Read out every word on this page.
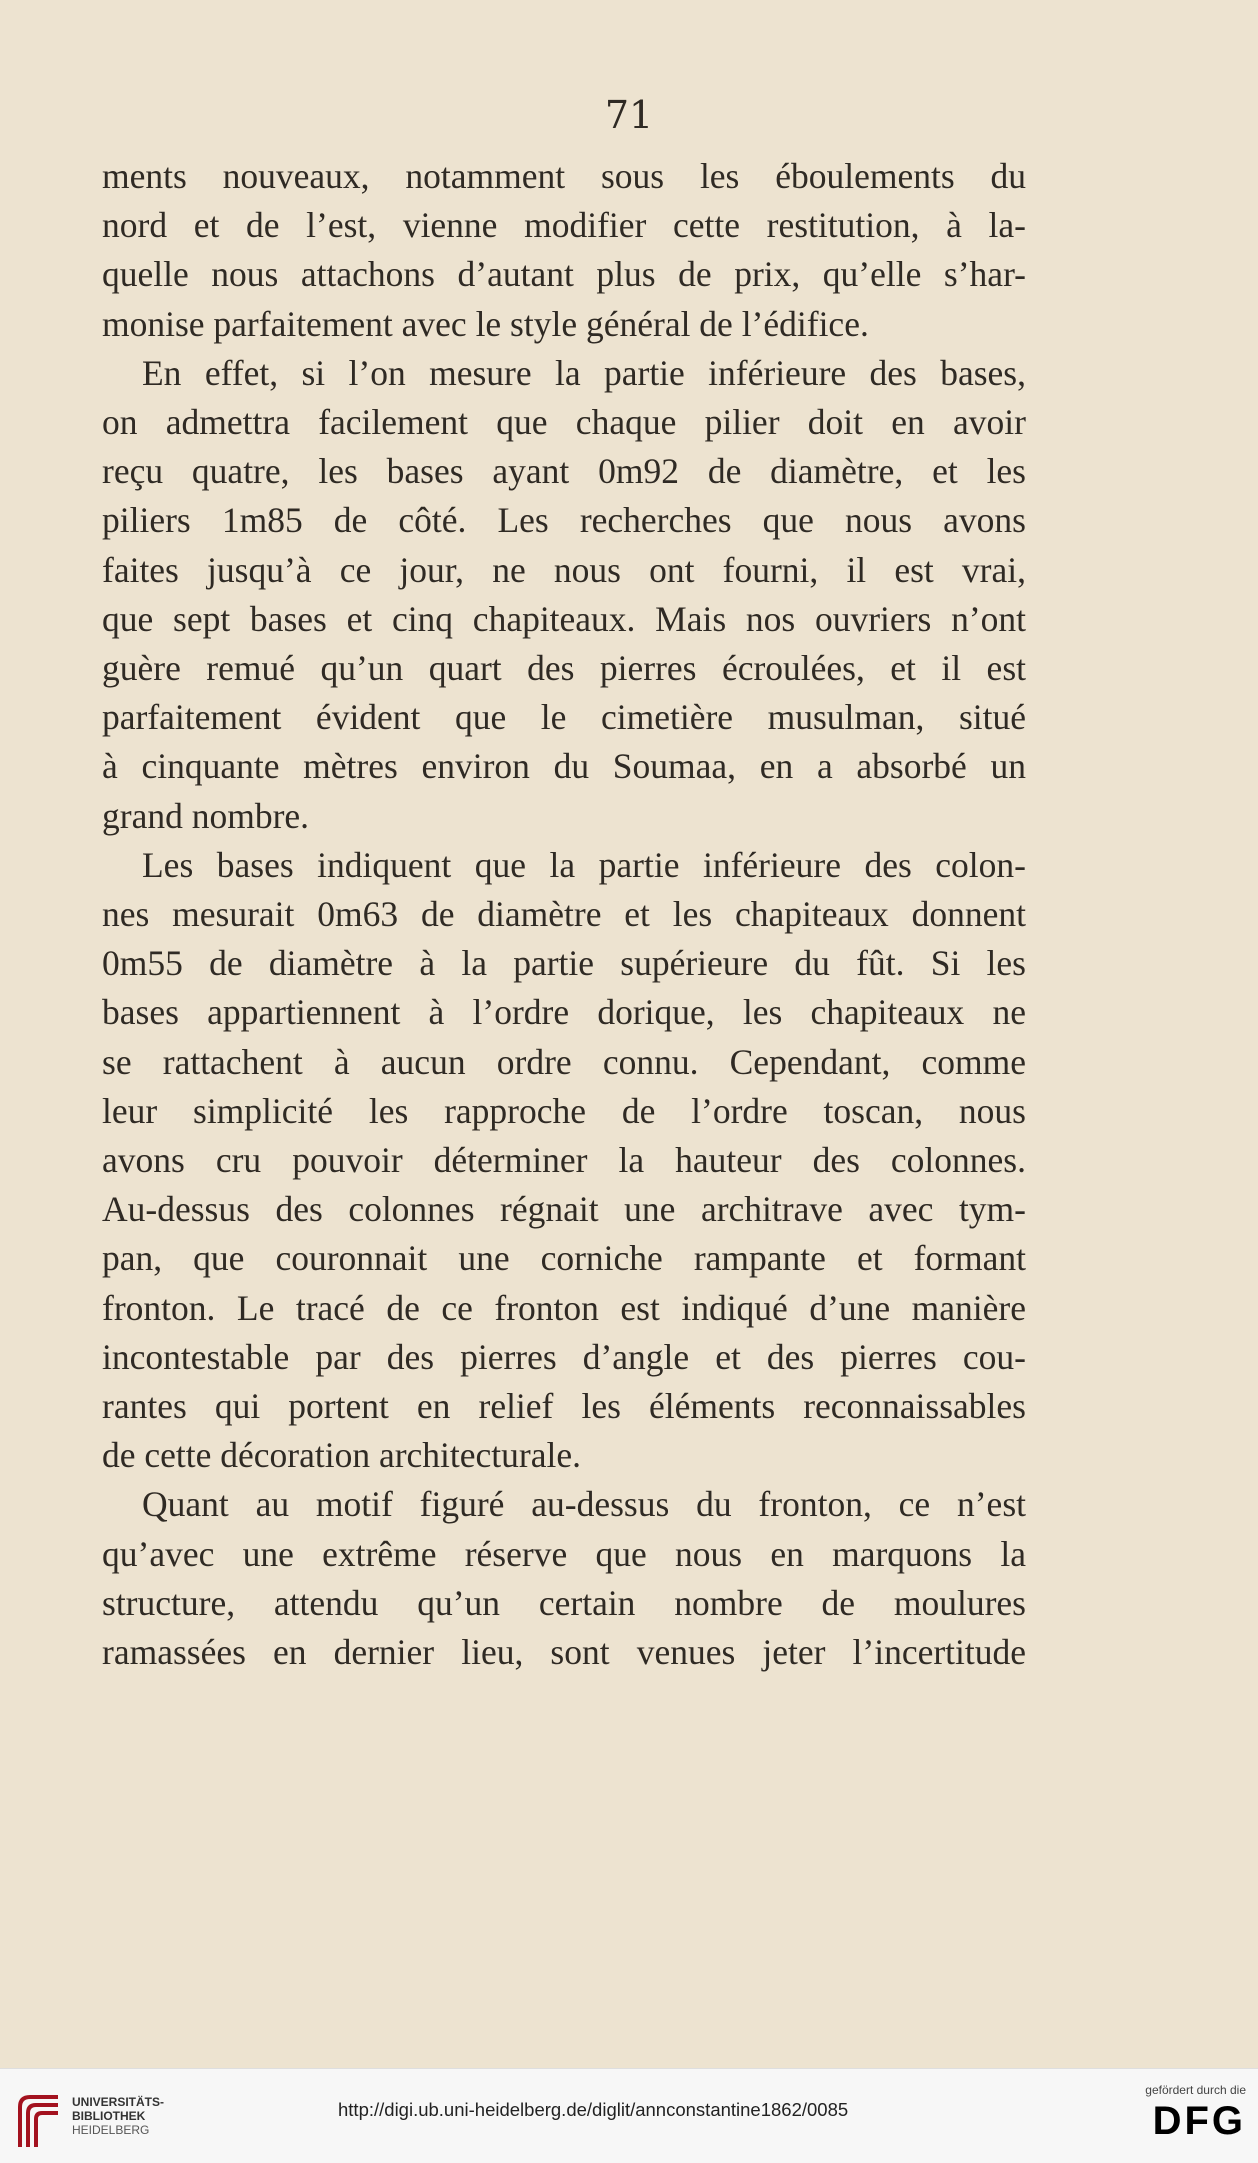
71
ments nouveaux, notamment sous les éboulements du
nord et de l’est, vienne modifier cette restitution, à la-
quelle nous attachons d’autant plus de prix, qu’elle s’har-
monise parfaitement avec le style général de l’édifice.
En effet, si l’on mesure la partie inférieure des bases,
on admettra facilement que chaque pilier doit en avoir
reçu quatre, les bases ayant 0m92 de diamètre, et les
piliers 1m85 de côté. Les recherches que nous avons
faites jusqu’à ce jour, ne nous ont fourni, il est vrai,
que sept bases et cinq chapiteaux. Mais nos ouvriers n’ont
guère remué qu’un quart des pierres écroulées, et il est
parfaitement évident que le cimetière musulman, situé
à cinquante mètres environ du Soumaa, en a absorbé un
grand nombre.
Les bases indiquent que la partie inférieure des colon-
nes mesurait 0m63 de diamètre et les chapiteaux donnent
0m55 de diamètre à la partie supérieure du fût. Si les
bases appartiennent à l’ordre dorique, les chapiteaux ne
se rattachent à aucun ordre connu. Cependant, comme
leur simplicité les rapproche de l’ordre toscan, nous
avons cru pouvoir déterminer la hauteur des colonnes.
Au-dessus des colonnes régnait une architrave avec tym-
pan, que couronnait une corniche rampante et formant
fronton. Le tracé de ce fronton est indiqué d’une manière
incontestable par des pierres d’angle et des pierres cou-
rantes qui portent en relief les éléments reconnaissables
de cette décoration architecturale.
Quant au motif figuré au-dessus du fronton, ce n’est
qu’avec une extrême réserve que nous en marquons la
structure, attendu qu’un certain nombre de moulures
ramassées en dernier lieu, sont venues jeter l’incertitude
UNIVERSITÄTS-
BIBLIOTHEK
HEIDELBERG
http://digi.ub.uni-heidelberg.de/diglit/annconstantine1862/0085
gefördert durch die
DFG
